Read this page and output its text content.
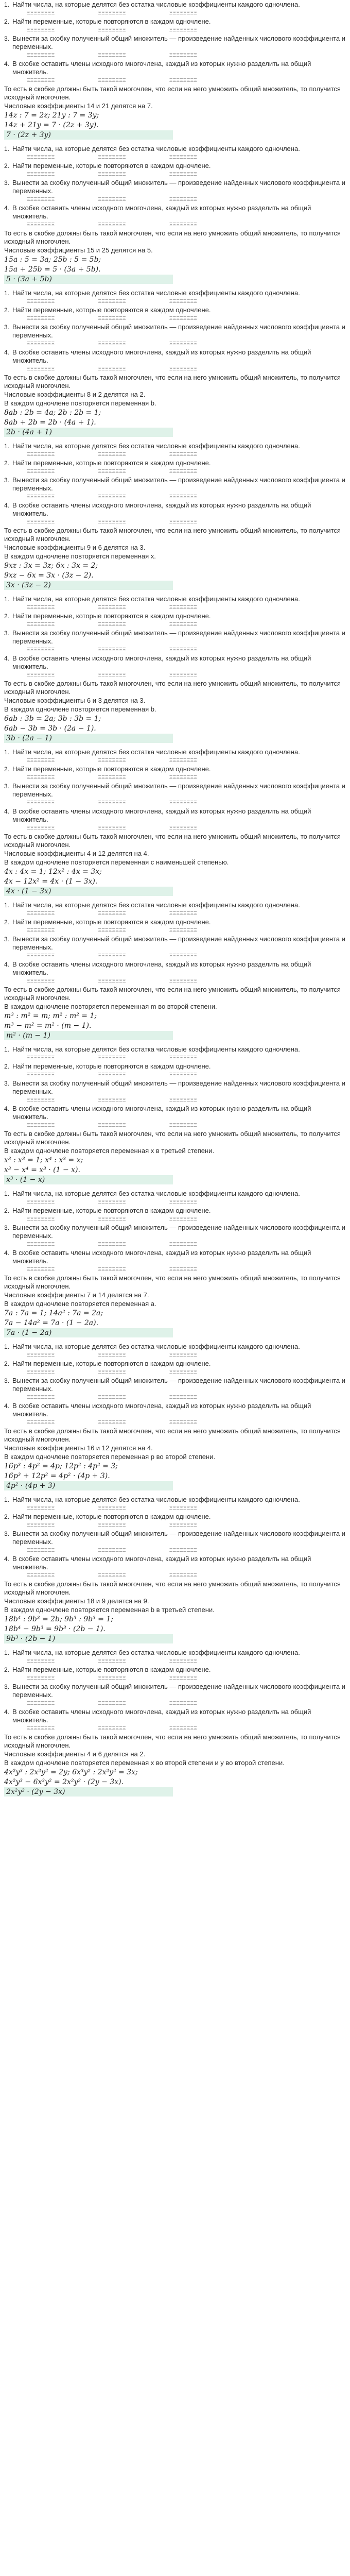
1. Найти числа, на которые делятся без остатка числовые коэффициенты каждого одночлена.
ΞΞΞΞΞΞΞΞ	ΞΞΞΞΞΞΞΞ	ΞΞΞΞΞΞΞΞ
2. Найти переменные, которые повторяются в каждом одночлене.
ΞΞΞΞΞΞΞΞ	ΞΞΞΞΞΞΞΞ	ΞΞΞΞΞΞΞΞ
3. Вынести за скобку полученный общий множитель — произведение найденных числового коэффициента и переменных.
ΞΞΞΞΞΞΞΞ	ΞΞΞΞΞΞΞΞ	ΞΞΞΞΞΞΞΞ
4. В скобке оставить члены исходного многочлена, каждый из которых нужно разделить на общий множитель.
ΞΞΞΞΞΞΞΞ	ΞΞΞΞΞΞΞΞ	ΞΞΞΞΞΞΞΞ
То есть в скобке должны быть такой многочлен, что если на него умножить общий множитель, то получится исходный многочлен.
Числовые коэффициенты 14 и 21 делятся на 7.
14z : 7 = 2z; 21y : 7 = 3y;
14z + 21y = 7 · (2z + 3y).
7 · (2z + 3y)
1. Найти числа, на которые делятся без остатка числовые коэффициенты каждого одночлена.
ΞΞΞΞΞΞΞΞ	ΞΞΞΞΞΞΞΞ	ΞΞΞΞΞΞΞΞ
2. Найти переменные, которые повторяются в каждом одночлене.
ΞΞΞΞΞΞΞΞ	ΞΞΞΞΞΞΞΞ	ΞΞΞΞΞΞΞΞ
3. Вынести за скобку полученный общий множитель — произведение найденных числового коэффициента и переменных.
ΞΞΞΞΞΞΞΞ	ΞΞΞΞΞΞΞΞ	ΞΞΞΞΞΞΞΞ
4. В скобке оставить члены исходного многочлена, каждый из которых нужно разделить на общий множитель.
ΞΞΞΞΞΞΞΞ	ΞΞΞΞΞΞΞΞ	ΞΞΞΞΞΞΞΞ
То есть в скобке должны быть такой многочлен, что если на него умножить общий множитель, то получится исходный многочлен.
Числовые коэффициенты 15 и 25 делятся на 5.
15a : 5 = 3a; 25b : 5 = 5b;
15a + 25b = 5 · (3a + 5b).
5 · (3a + 5b)
1. Найти числа, на которые делятся без остатка числовые коэффициенты каждого одночлена.
ΞΞΞΞΞΞΞΞ	ΞΞΞΞΞΞΞΞ	ΞΞΞΞΞΞΞΞ
2. Найти переменные, которые повторяются в каждом одночлене.
ΞΞΞΞΞΞΞΞ	ΞΞΞΞΞΞΞΞ	ΞΞΞΞΞΞΞΞ
3. Вынести за скобку полученный общий множитель — произведение найденных числового коэффициента и переменных.
ΞΞΞΞΞΞΞΞ	ΞΞΞΞΞΞΞΞ	ΞΞΞΞΞΞΞΞ
4. В скобке оставить члены исходного многочлена, каждый из которых нужно разделить на общий множитель.
ΞΞΞΞΞΞΞΞ	ΞΞΞΞΞΞΞΞ	ΞΞΞΞΞΞΞΞ
То есть в скобке должны быть такой многочлен, что если на него умножить общий множитель, то получится исходный многочлен.
Числовые коэффициенты 8 и 2 делятся на 2.
В каждом одночлене повторяется переменная b.
8ab : 2b = 4a; 2b : 2b = 1;
8ab + 2b = 2b · (4a + 1).
2b · (4a + 1)
1. Найти числа, на которые делятся без остатка числовые коэффициенты каждого одночлена.
ΞΞΞΞΞΞΞΞ	ΞΞΞΞΞΞΞΞ	ΞΞΞΞΞΞΞΞ
2. Найти переменные, которые повторяются в каждом одночлене.
ΞΞΞΞΞΞΞΞ	ΞΞΞΞΞΞΞΞ	ΞΞΞΞΞΞΞΞ
3. Вынести за скобку полученный общий множитель — произведение найденных числового коэффициента и переменных.
ΞΞΞΞΞΞΞΞ	ΞΞΞΞΞΞΞΞ	ΞΞΞΞΞΞΞΞ
4. В скобке оставить члены исходного многочлена, каждый из которых нужно разделить на общий множитель.
ΞΞΞΞΞΞΞΞ	ΞΞΞΞΞΞΞΞ	ΞΞΞΞΞΞΞΞ
То есть в скобке должны быть такой многочлен, что если на него умножить общий множитель, то получится исходный многочлен.
Числовые коэффициенты 9 и 6 делятся на 3.
В каждом одночлене повторяется переменная x.
9xz : 3x = 3z; 6x : 3x = 2;
9xz − 6x = 3x · (3z − 2).
3x · (3z − 2)
1. Найти числа, на которые делятся без остатка числовые коэффициенты каждого одночлена.
ΞΞΞΞΞΞΞΞ	ΞΞΞΞΞΞΞΞ	ΞΞΞΞΞΞΞΞ
2. Найти переменные, которые повторяются в каждом одночлене.
ΞΞΞΞΞΞΞΞ	ΞΞΞΞΞΞΞΞ	ΞΞΞΞΞΞΞΞ
3. Вынести за скобку полученный общий множитель — произведение найденных числового коэффициента и переменных.
ΞΞΞΞΞΞΞΞ	ΞΞΞΞΞΞΞΞ	ΞΞΞΞΞΞΞΞ
4. В скобке оставить члены исходного многочлена, каждый из которых нужно разделить на общий множитель.
ΞΞΞΞΞΞΞΞ	ΞΞΞΞΞΞΞΞ	ΞΞΞΞΞΞΞΞ
То есть в скобке должны быть такой многочлен, что если на него умножить общий множитель, то получится исходный многочлен.
Числовые коэффициенты 6 и 3 делятся на 3.
В каждом одночлене повторяется переменная b.
6ab : 3b = 2a; 3b : 3b = 1;
6ab − 3b = 3b · (2a − 1).
3b · (2a − 1)
1. Найти числа, на которые делятся без остатка числовые коэффициенты каждого одночлена.
ΞΞΞΞΞΞΞΞ	ΞΞΞΞΞΞΞΞ	ΞΞΞΞΞΞΞΞ
2. Найти переменные, которые повторяются в каждом одночлене.
ΞΞΞΞΞΞΞΞ	ΞΞΞΞΞΞΞΞ	ΞΞΞΞΞΞΞΞ
3. Вынести за скобку полученный общий множитель — произведение найденных числового коэффициента и переменных.
ΞΞΞΞΞΞΞΞ	ΞΞΞΞΞΞΞΞ	ΞΞΞΞΞΞΞΞ
4. В скобке оставить члены исходного многочлена, каждый из которых нужно разделить на общий множитель.
ΞΞΞΞΞΞΞΞ	ΞΞΞΞΞΞΞΞ	ΞΞΞΞΞΞΞΞ
То есть в скобке должны быть такой многочлен, что если на него умножить общий множитель, то получится исходный многочлен.
Числовые коэффициенты 4 и 12 делятся на 4.
В каждом одночлене повторяется переменная с наименьшей степенью.
4x : 4x = 1; 12x² : 4x = 3x;
4x − 12x² = 4x · (1 − 3x).
4x · (1 − 3x)
1. Найти числа, на которые делятся без остатка числовые коэффициенты каждого одночлена.
ΞΞΞΞΞΞΞΞ	ΞΞΞΞΞΞΞΞ	ΞΞΞΞΞΞΞΞ
2. Найти переменные, которые повторяются в каждом одночлене.
ΞΞΞΞΞΞΞΞ	ΞΞΞΞΞΞΞΞ	ΞΞΞΞΞΞΞΞ
3. Вынести за скобку полученный общий множитель — произведение найденных числового коэффициента и переменных.
ΞΞΞΞΞΞΞΞ	ΞΞΞΞΞΞΞΞ	ΞΞΞΞΞΞΞΞ
4. В скобке оставить члены исходного многочлена, каждый из которых нужно разделить на общий множитель.
ΞΞΞΞΞΞΞΞ	ΞΞΞΞΞΞΞΞ	ΞΞΞΞΞΞΞΞ
То есть в скобке должны быть такой многочлен, что если на него умножить общий множитель, то получится исходный многочлен.
В каждом одночлене повторяется переменная m во второй степени.
m³ : m² = m; m² : m² = 1;
m³ − m² = m² · (m − 1).
m² · (m − 1)
1. Найти числа, на которые делятся без остатка числовые коэффициенты каждого одночлена.
ΞΞΞΞΞΞΞΞ	ΞΞΞΞΞΞΞΞ	ΞΞΞΞΞΞΞΞ
2. Найти переменные, которые повторяются в каждом одночлене.
ΞΞΞΞΞΞΞΞ	ΞΞΞΞΞΞΞΞ	ΞΞΞΞΞΞΞΞ
3. Вынести за скобку полученный общий множитель — произведение найденных числового коэффициента и переменных.
ΞΞΞΞΞΞΞΞ	ΞΞΞΞΞΞΞΞ	ΞΞΞΞΞΞΞΞ
4. В скобке оставить члены исходного многочлена, каждый из которых нужно разделить на общий множитель.
ΞΞΞΞΞΞΞΞ	ΞΞΞΞΞΞΞΞ	ΞΞΞΞΞΞΞΞ
То есть в скобке должны быть такой многочлен, что если на него умножить общий множитель, то получится исходный многочлен.
В каждом одночлене повторяется переменная x в третьей степени.
x³ : x³ = 1; x⁴ : x³ = x;
x³ − x⁴ = x³ · (1 − x).
x³ · (1 − x)
1. Найти числа, на которые делятся без остатка числовые коэффициенты каждого одночлена.
ΞΞΞΞΞΞΞΞ	ΞΞΞΞΞΞΞΞ	ΞΞΞΞΞΞΞΞ
2. Найти переменные, которые повторяются в каждом одночлене.
ΞΞΞΞΞΞΞΞ	ΞΞΞΞΞΞΞΞ	ΞΞΞΞΞΞΞΞ
3. Вынести за скобку полученный общий множитель — произведение найденных числового коэффициента и переменных.
ΞΞΞΞΞΞΞΞ	ΞΞΞΞΞΞΞΞ	ΞΞΞΞΞΞΞΞ
4. В скобке оставить члены исходного многочлена, каждый из которых нужно разделить на общий множитель.
ΞΞΞΞΞΞΞΞ	ΞΞΞΞΞΞΞΞ	ΞΞΞΞΞΞΞΞ
То есть в скобке должны быть такой многочлен, что если на него умножить общий множитель, то получится исходный многочлен.
Числовые коэффициенты 7 и 14 делятся на 7.
В каждом одночлене повторяется переменная a.
7a : 7a = 1; 14a² : 7a = 2a;
7a − 14a² = 7a · (1 − 2a).
7a · (1 − 2a)
1. Найти числа, на которые делятся без остатка числовые коэффициенты каждого одночлена.
ΞΞΞΞΞΞΞΞ	ΞΞΞΞΞΞΞΞ	ΞΞΞΞΞΞΞΞ
2. Найти переменные, которые повторяются в каждом одночлене.
ΞΞΞΞΞΞΞΞ	ΞΞΞΞΞΞΞΞ	ΞΞΞΞΞΞΞΞ
3. Вынести за скобку полученный общий множитель — произведение найденных числового коэффициента и переменных.
ΞΞΞΞΞΞΞΞ	ΞΞΞΞΞΞΞΞ	ΞΞΞΞΞΞΞΞ
4. В скобке оставить члены исходного многочлена, каждый из которых нужно разделить на общий множитель.
ΞΞΞΞΞΞΞΞ	ΞΞΞΞΞΞΞΞ	ΞΞΞΞΞΞΞΞ
То есть в скобке должны быть такой многочлен, что если на него умножить общий множитель, то получится исходный многочлен.
Числовые коэффициенты 16 и 12 делятся на 4.
В каждом одночлене повторяется переменная p во второй степени.
16p³ : 4p² = 4p; 12p² : 4p² = 3;
16p³ + 12p² = 4p² · (4p + 3).
4p² · (4p + 3)
1. Найти числа, на которые делятся без остатка числовые коэффициенты каждого одночлена.
ΞΞΞΞΞΞΞΞ	ΞΞΞΞΞΞΞΞ	ΞΞΞΞΞΞΞΞ
2. Найти переменные, которые повторяются в каждом одночлене.
ΞΞΞΞΞΞΞΞ	ΞΞΞΞΞΞΞΞ	ΞΞΞΞΞΞΞΞ
3. Вынести за скобку полученный общий множитель — произведение найденных числового коэффициента и переменных.
ΞΞΞΞΞΞΞΞ	ΞΞΞΞΞΞΞΞ	ΞΞΞΞΞΞΞΞ
4. В скобке оставить члены исходного многочлена, каждый из которых нужно разделить на общий множитель.
ΞΞΞΞΞΞΞΞ	ΞΞΞΞΞΞΞΞ	ΞΞΞΞΞΞΞΞ
То есть в скобке должны быть такой многочлен, что если на него умножить общий множитель, то получится исходный многочлен.
Числовые коэффициенты 18 и 9 делятся на 9.
В каждом одночлене повторяется переменная b в третьей степени.
18b⁴ : 9b³ = 2b; 9b³ : 9b³ = 1;
18b⁴ − 9b³ = 9b³ · (2b − 1).
9b³ · (2b − 1)
1. Найти числа, на которые делятся без остатка числовые коэффициенты каждого одночлена.
ΞΞΞΞΞΞΞΞ	ΞΞΞΞΞΞΞΞ	ΞΞΞΞΞΞΞΞ
2. Найти переменные, которые повторяются в каждом одночлене.
ΞΞΞΞΞΞΞΞ	ΞΞΞΞΞΞΞΞ	ΞΞΞΞΞΞΞΞ
3. Вынести за скобку полученный общий множитель — произведение найденных числового коэффициента и переменных.
ΞΞΞΞΞΞΞΞ	ΞΞΞΞΞΞΞΞ	ΞΞΞΞΞΞΞΞ
4. В скобке оставить члены исходного многочлена, каждый из которых нужно разделить на общий множитель.
ΞΞΞΞΞΞΞΞ	ΞΞΞΞΞΞΞΞ	ΞΞΞΞΞΞΞΞ
То есть в скобке должны быть такой многочлен, что если на него умножить общий множитель, то получится исходный многочлен.
Числовые коэффициенты 4 и 6 делятся на 2.
В каждом одночлене повторяется переменная x во второй степени и y во второй степени.
4x²y³ : 2x²y² = 2y; 6x³y² : 2x²y² = 3x;
4x²y³ − 6x³y² = 2x²y² · (2y − 3x).
2x²y² · (2y − 3x)
